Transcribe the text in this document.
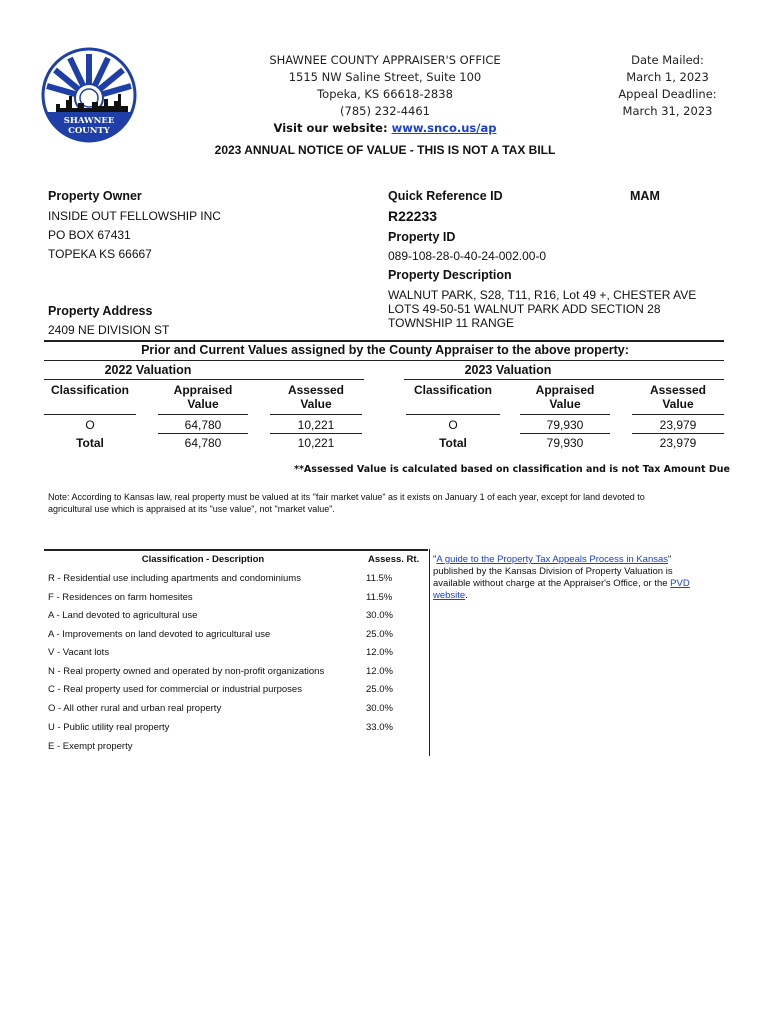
SHAWNEE
COUNTY
SHAWNEE COUNTY APPRAISER'S OFFICE
1515 NW Saline Street, Suite 100
Topeka, KS 66618-2838
(785) 232-4461
Visit our website: www.snco.us/ap
Date Mailed:
March 1, 2023
Appeal Deadline:
March 31, 2023
2023 ANNUAL NOTICE OF VALUE - THIS IS NOT A TAX BILL
Property Owner
INSIDE OUT FELLOWSHIP INC
PO BOX 67431
TOPEKA KS 66667
Property Address
2409 NE DIVISION ST
Quick Reference ID	MAM
R22233
Property ID
089-108-28-0-40-24-002.00-0
Property Description
WALNUT PARK, S28, T11, R16, Lot 49 +, CHESTER AVE
LOTS 49-50-51 WALNUT PARK ADD SECTION 28
TOWNSHIP 11 RANGE
Prior and Current Values assigned by the County Appraiser to the above property:
2022 Valuation
Classification	Appraised
Value
Assessed
Value
O	64,780	10,221
Total	64,780	10,221
2023 Valuation
Classification	Appraised
Value
Assessed
Value
O	79,930	23,979
Total	79,930	23,979
**Assessed Value is calculated based on classification and is not Tax Amount Due
Note: According to Kansas law, real property must be valued at its "fair market value" as it exists on January 1 of each year, except for land devoted to
agricultural use which is appraised at its "use value", not "market value".
Classification - Description	Assess. Rt.
R - Residential use including apartments and condominiums	11.5%
F - Residences on farm homesites	11.5%
A - Land devoted to agricultural use	30.0%
A - Improvements on land devoted to agricultural use	25.0%
V - Vacant lots	12.0%
N - Real property owned and operated by non-profit organizations	12.0%
C - Real property used for commercial or industrial purposes	25.0%
O - All other rural and urban real property	30.0%
U - Public utility real property	33.0%
E - Exempt property
"A guide to the Property Tax Appeals Process in Kansas"
published by the Kansas Division of Property Valuation is
available without charge at the Appraiser's Office, or the PVD
website.
